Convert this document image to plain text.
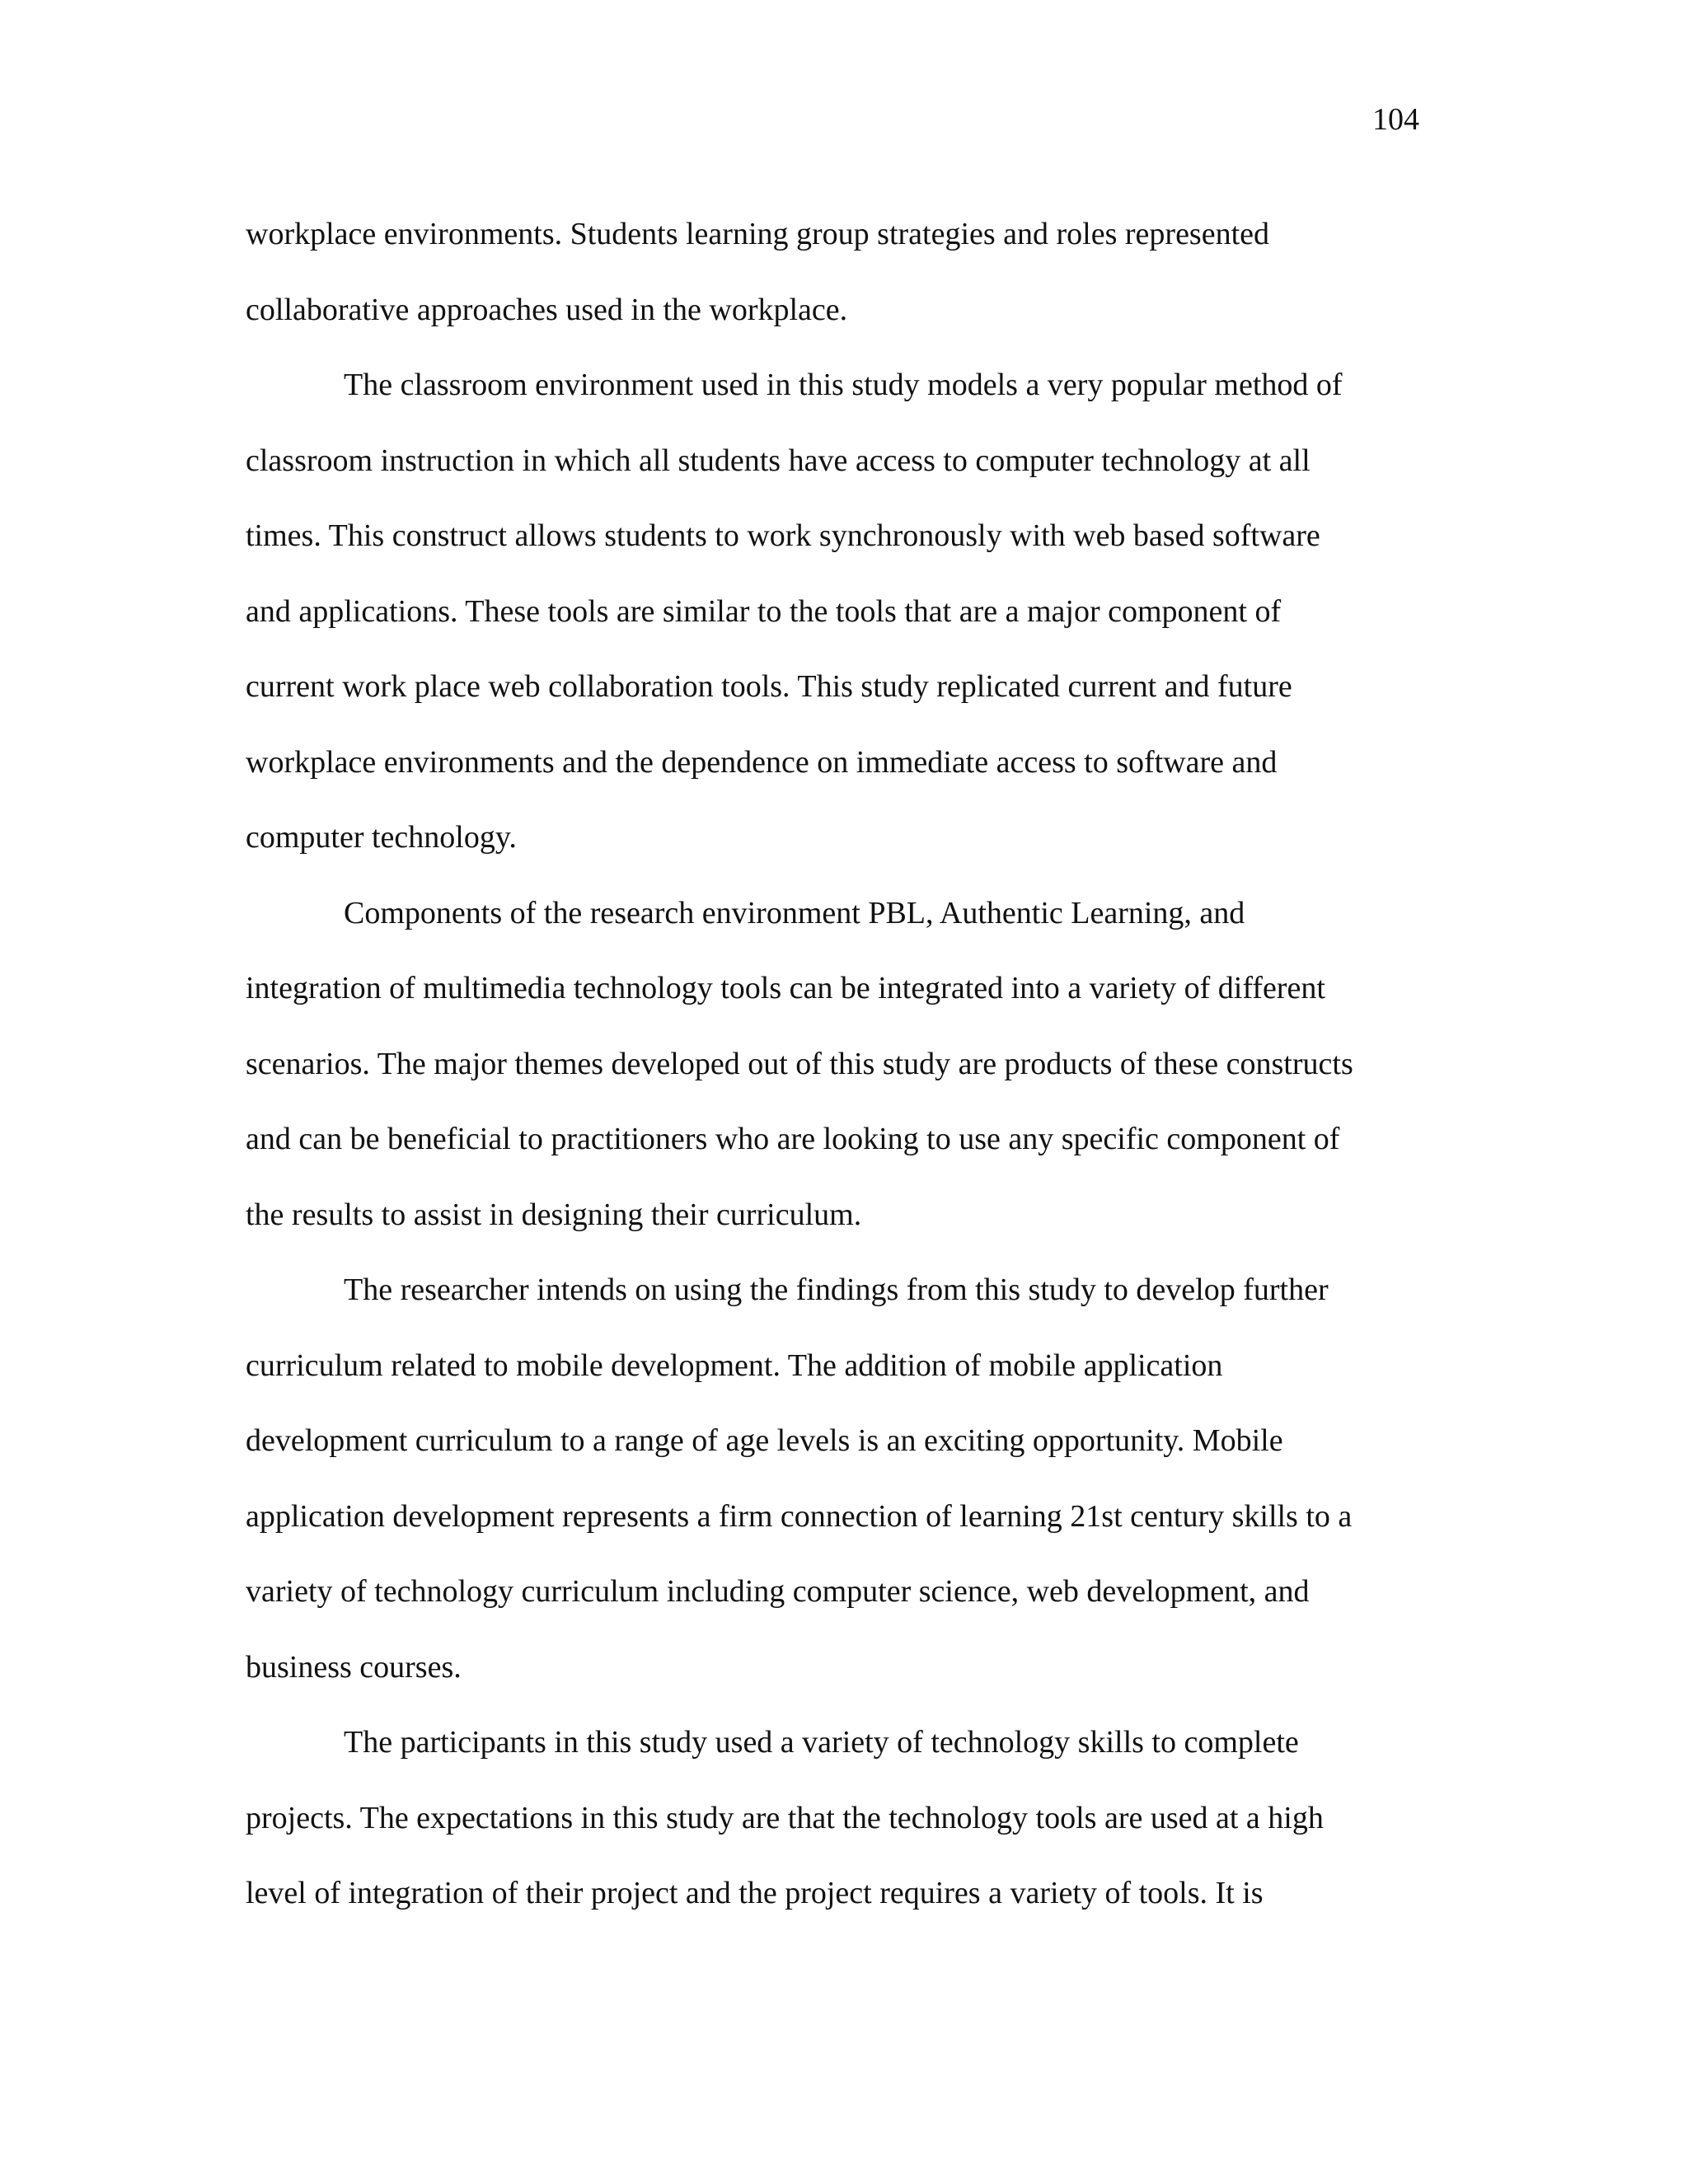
104
workplace environments. Students learning group strategies and roles represented
collaborative approaches used in the workplace.
The classroom environment used in this study models a very popular method of
classroom instruction in which all students have access to computer technology at all
times. This construct allows students to work synchronously with web based software
and applications. These tools are similar to the tools that are a major component of
current work place web collaboration tools. This study replicated current and future
workplace environments and the dependence on immediate access to software and
computer technology.
Components of the research environment PBL, Authentic Learning, and
integration of multimedia technology tools can be integrated into a variety of different
scenarios. The major themes developed out of this study are products of these constructs
and can be beneficial to practitioners who are looking to use any specific component of
the results to assist in designing their curriculum.
The researcher intends on using the findings from this study to develop further
curriculum related to mobile development. The addition of mobile application
development curriculum to a range of age levels is an exciting opportunity. Mobile
application development represents a firm connection of learning 21st century skills to a
variety of technology curriculum including computer science, web development, and
business courses.
The participants in this study used a variety of technology skills to complete
projects. The expectations in this study are that the technology tools are used at a high
level of integration of their project and the project requires a variety of tools. It is
